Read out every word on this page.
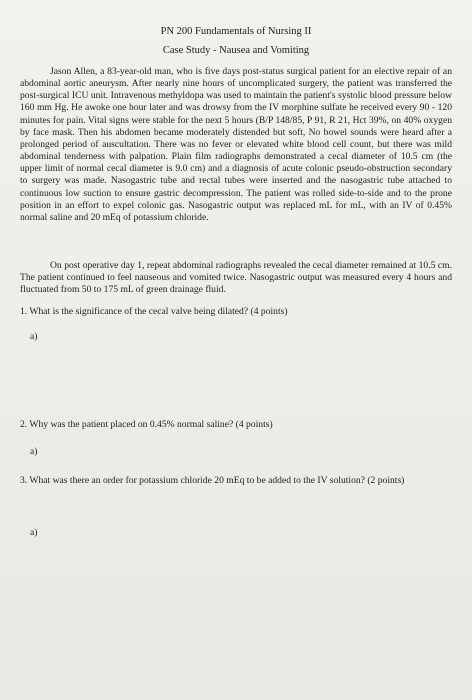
PN 200 Fundamentals of Nursing II
Case Study - Nausea and Vomiting

Jason Allen, a 83-year-old man, who is five days post-status surgical patient for an elective repair of an abdominal aortic aneurysm. After nearly nine hours of uncomplicated surgery, the patient was transferred the post-surgical ICU unit. Intravenous methyldopa was used to maintain the patient's systolic blood pressure below 160 mm Hg. He awoke one hour later and was drowsy from the IV morphine sulfate he received every 90 - 120 minutes for pain. Vital signs were stable for the next 5 hours (B/P 148/85, P 91, R 21, Hct 39%, on 40% oxygen by face mask. Then his abdomen became moderately distended but soft, No bowel sounds were heard after a prolonged period of auscultation. There was no fever or elevated white blood cell count, but there was mild abdominal tenderness with palpation. Plain film radiographs demonstrated a cecal diameter of 10.5 cm (the upper limit of normal cecal diameter is 9.0 cm) and a diagnosis of acute colonic pseudo-obstruction secondary to surgery was made. Nasogastric tube and rectal tubes were inserted and the nasogastric tube attached to continuous low suction to ensure gastric decompression. The patient was rolled side-to-side and to the prone position in an effort to expel colonic gas. Nasogastric output was replaced mL for mL, with an IV of 0.45% normal saline and 20 mEq of potassium chloride.

On post operative day 1, repeat abdominal radiographs revealed the cecal diameter remained at 10.5 cm. The patient continued to feel nauseous and vomited twice. Nasogastric output was measured every 4 hours and fluctuated from 50 to 175 mL of green drainage fluid.

1. What is the significance of the cecal valve being dilated? (4 points)
a)
2. Why was the patient placed on 0.45% normal saline? (4 points)
a)
3. What was there an order for potassium chloride 20 mEq to be added to the IV solution? (2 points)
a)
